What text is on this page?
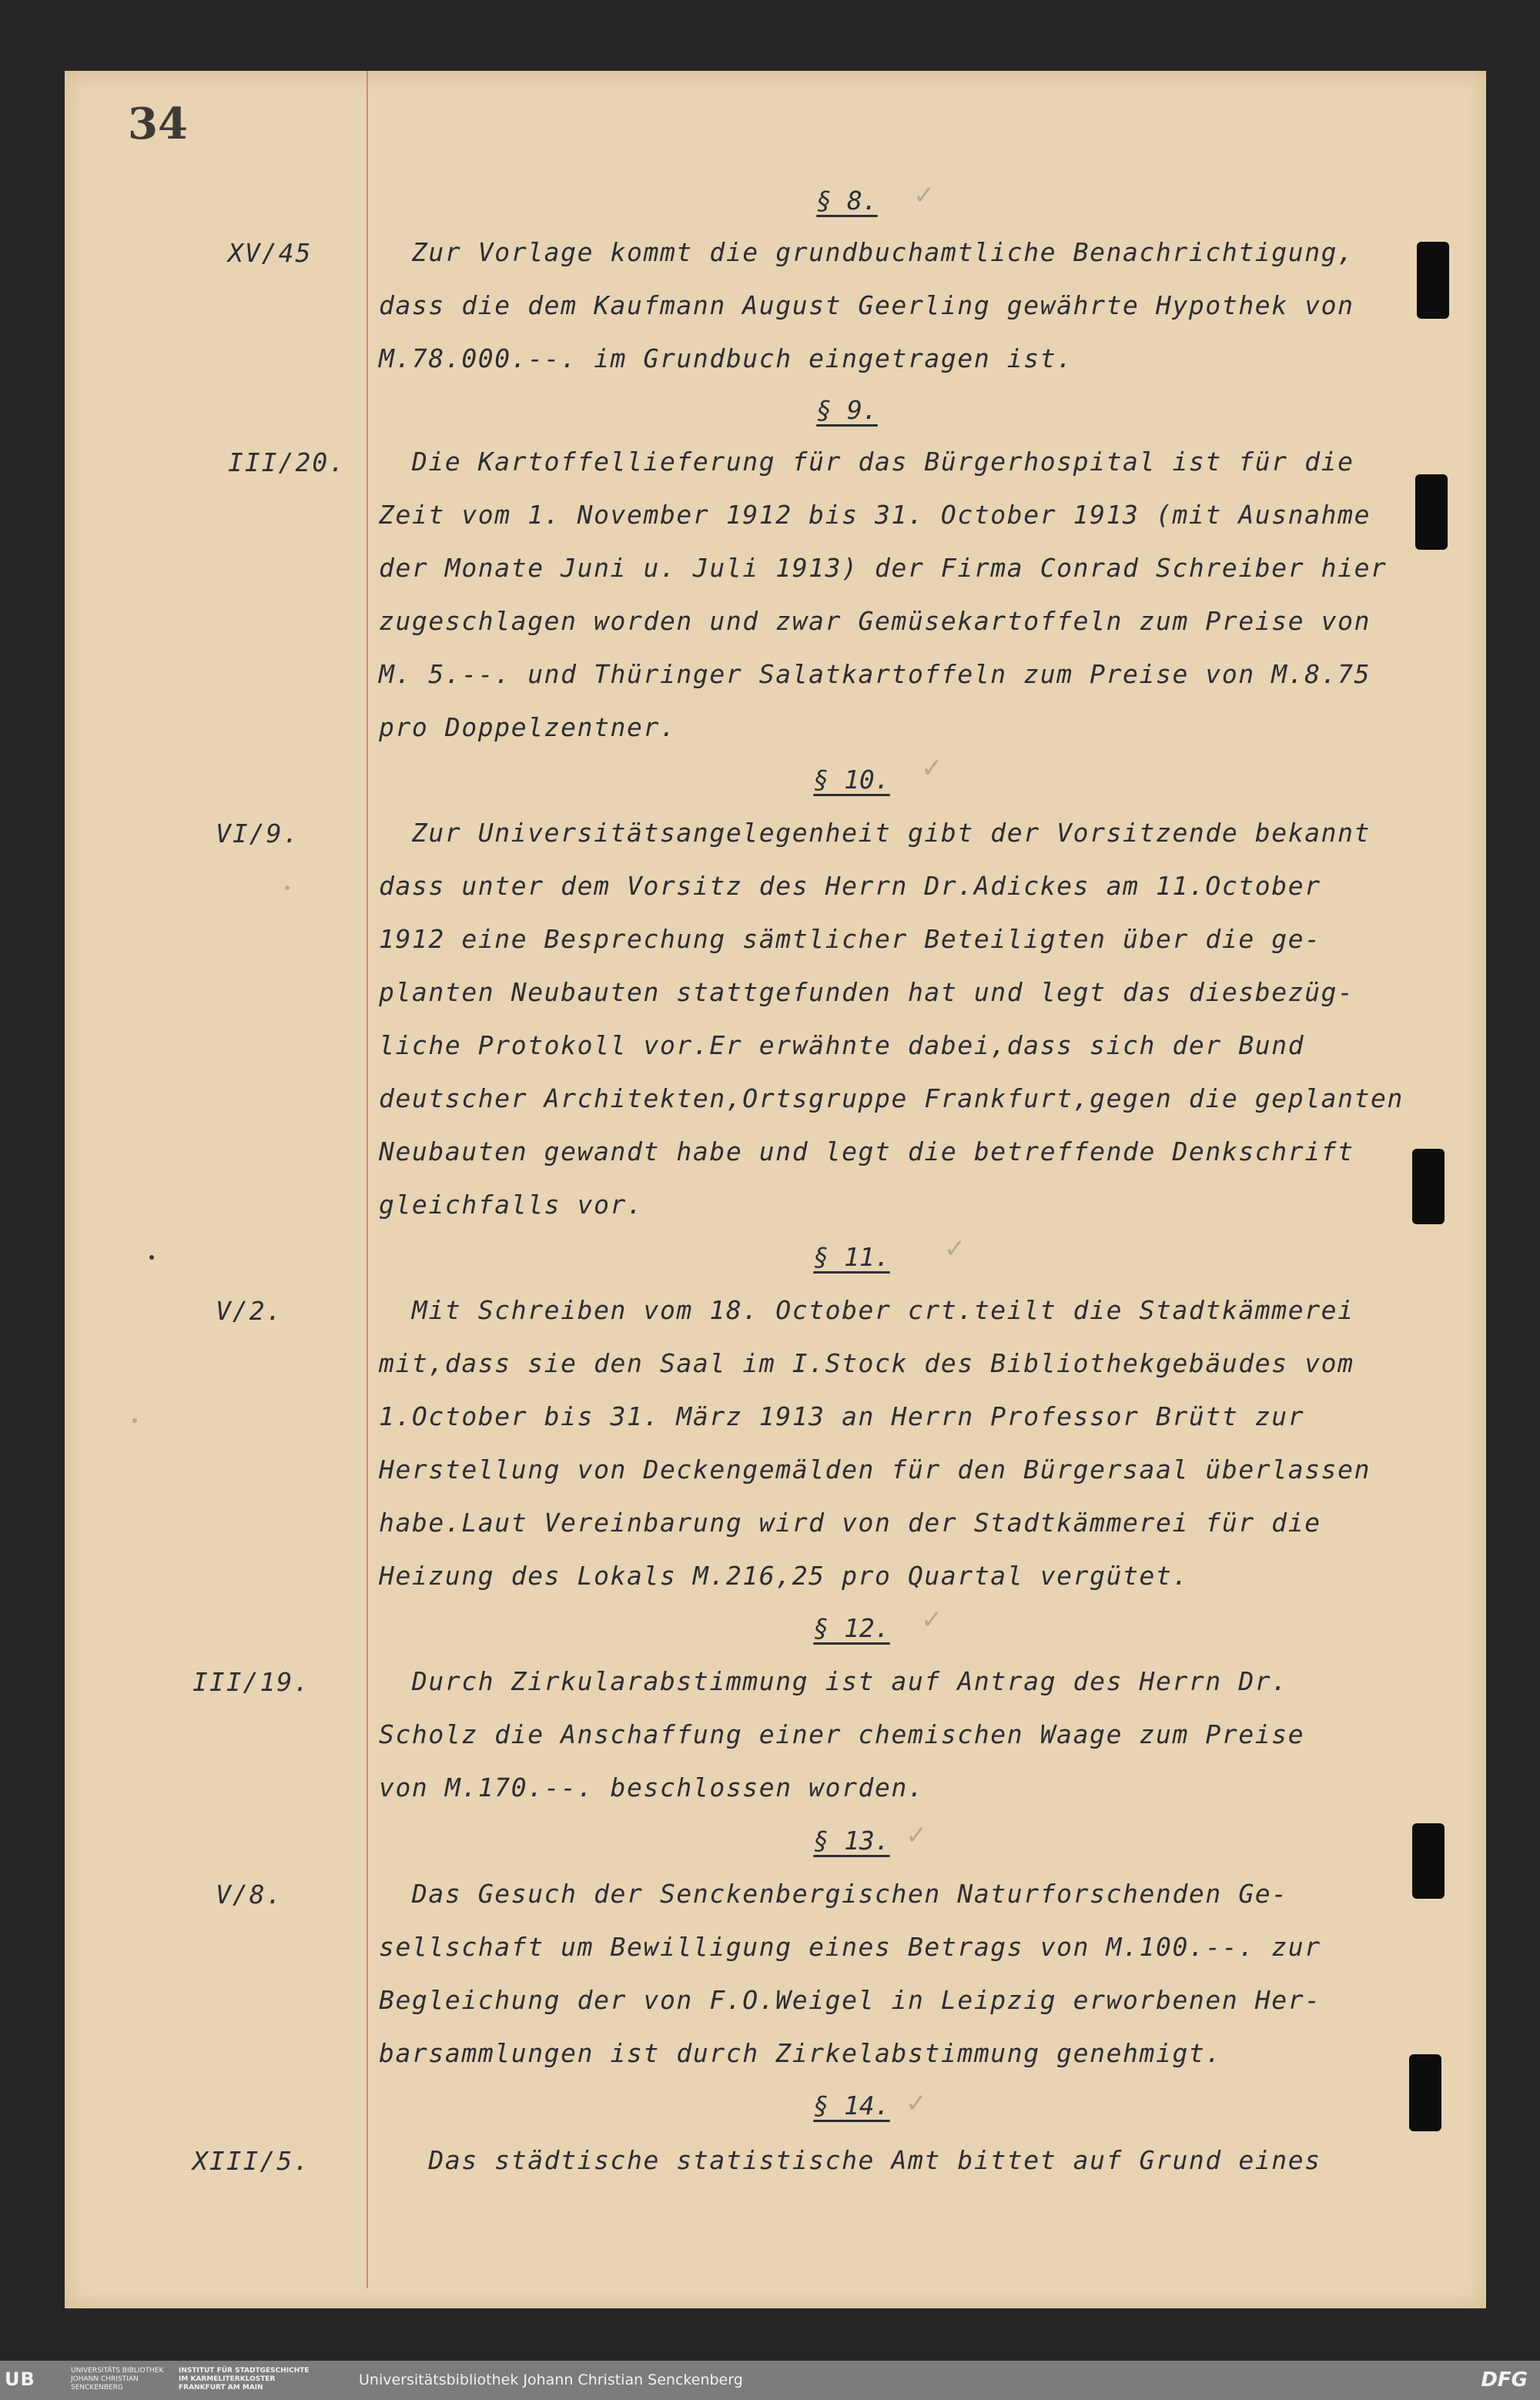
34
§ 8.	✓
XV/45	Zur Vorlage kommt die grundbuchamtliche Benachrichtigung,
dass die dem Kaufmann August Geerling gewährte Hypothek von
M.78.000.--. im Grundbuch eingetragen ist.
§ 9.
III/20. Die Kartoffellieferung für das Bürgerhospital ist für die
Zeit vom 1. November 1912 bis 31. October 1913 (mit Ausnahme
der Monate Juni u. Juli 1913) der Firma Conrad Schreiber hier
zugeschlagen worden und zwar Gemüsekartoffeln zum Preise von
M. 5.--. und Thüringer Salatkartoffeln zum Preise von M.8.75
pro Doppelzentner.
§ 10.	✓
VI/9.	Zur Universitätsangelegenheit gibt der Vorsitzende bekannt
dass unter dem Vorsitz des Herrn Dr.Adickes am 11.October
1912 eine Besprechung sämtlicher Beteiligten über die ge-
planten Neubauten stattgefunden hat und legt das diesbezüg-
liche Protokoll vor.Er erwähnte dabei,dass sich der Bund
deutscher Architekten,Ortsgruppe Frankfurt,gegen die geplanten
Neubauten gewandt habe und legt die betreffende Denkschrift
gleichfalls vor.
§ 11.	✓
V/2.	Mit Schreiben vom 18. October crt.teilt die Stadtkämmerei
mit,dass sie den Saal im I.Stock des Bibliothekgebäudes vom
1.October bis 31. März 1913 an Herrn Professor Brütt zur
Herstellung von Deckengemälden für den Bürgersaal überlassen
habe.Laut Vereinbarung wird von der Stadtkämmerei für die
Heizung des Lokals M.216,25 pro Quartal vergütet.
§ 12.	✓
III/19.	Durch Zirkularabstimmung ist auf Antrag des Herrn Dr.
Scholz die Anschaffung einer chemischen Waage zum Preise
von M.170.--. beschlossen worden.
§ 13. ✓
V/8.	Das Gesuch der Senckenbergischen Naturforschenden Ge-
sellschaft um Bewilligung eines Betrags von M.100.--. zur
Begleichung der von F.O.Weigel in Leipzig erworbenen Her-
barsammlungen ist durch Zirkelabstimmung genehmigt.
§ 14. ✓
XIII/5.	Das städtische statistische Amt bittet auf Grund eines
UB	UNIVERSITÄTS BIBLIOTHEK JOHANN CHRISTIAN SENCKENBERG
INSTITUT FÜR STADTGESCHICHTE IM KARMELITERKLOSTER FRANKFURT AM MAIN	Universitätsbibliothek Johann Christian Senckenberg	DFG
